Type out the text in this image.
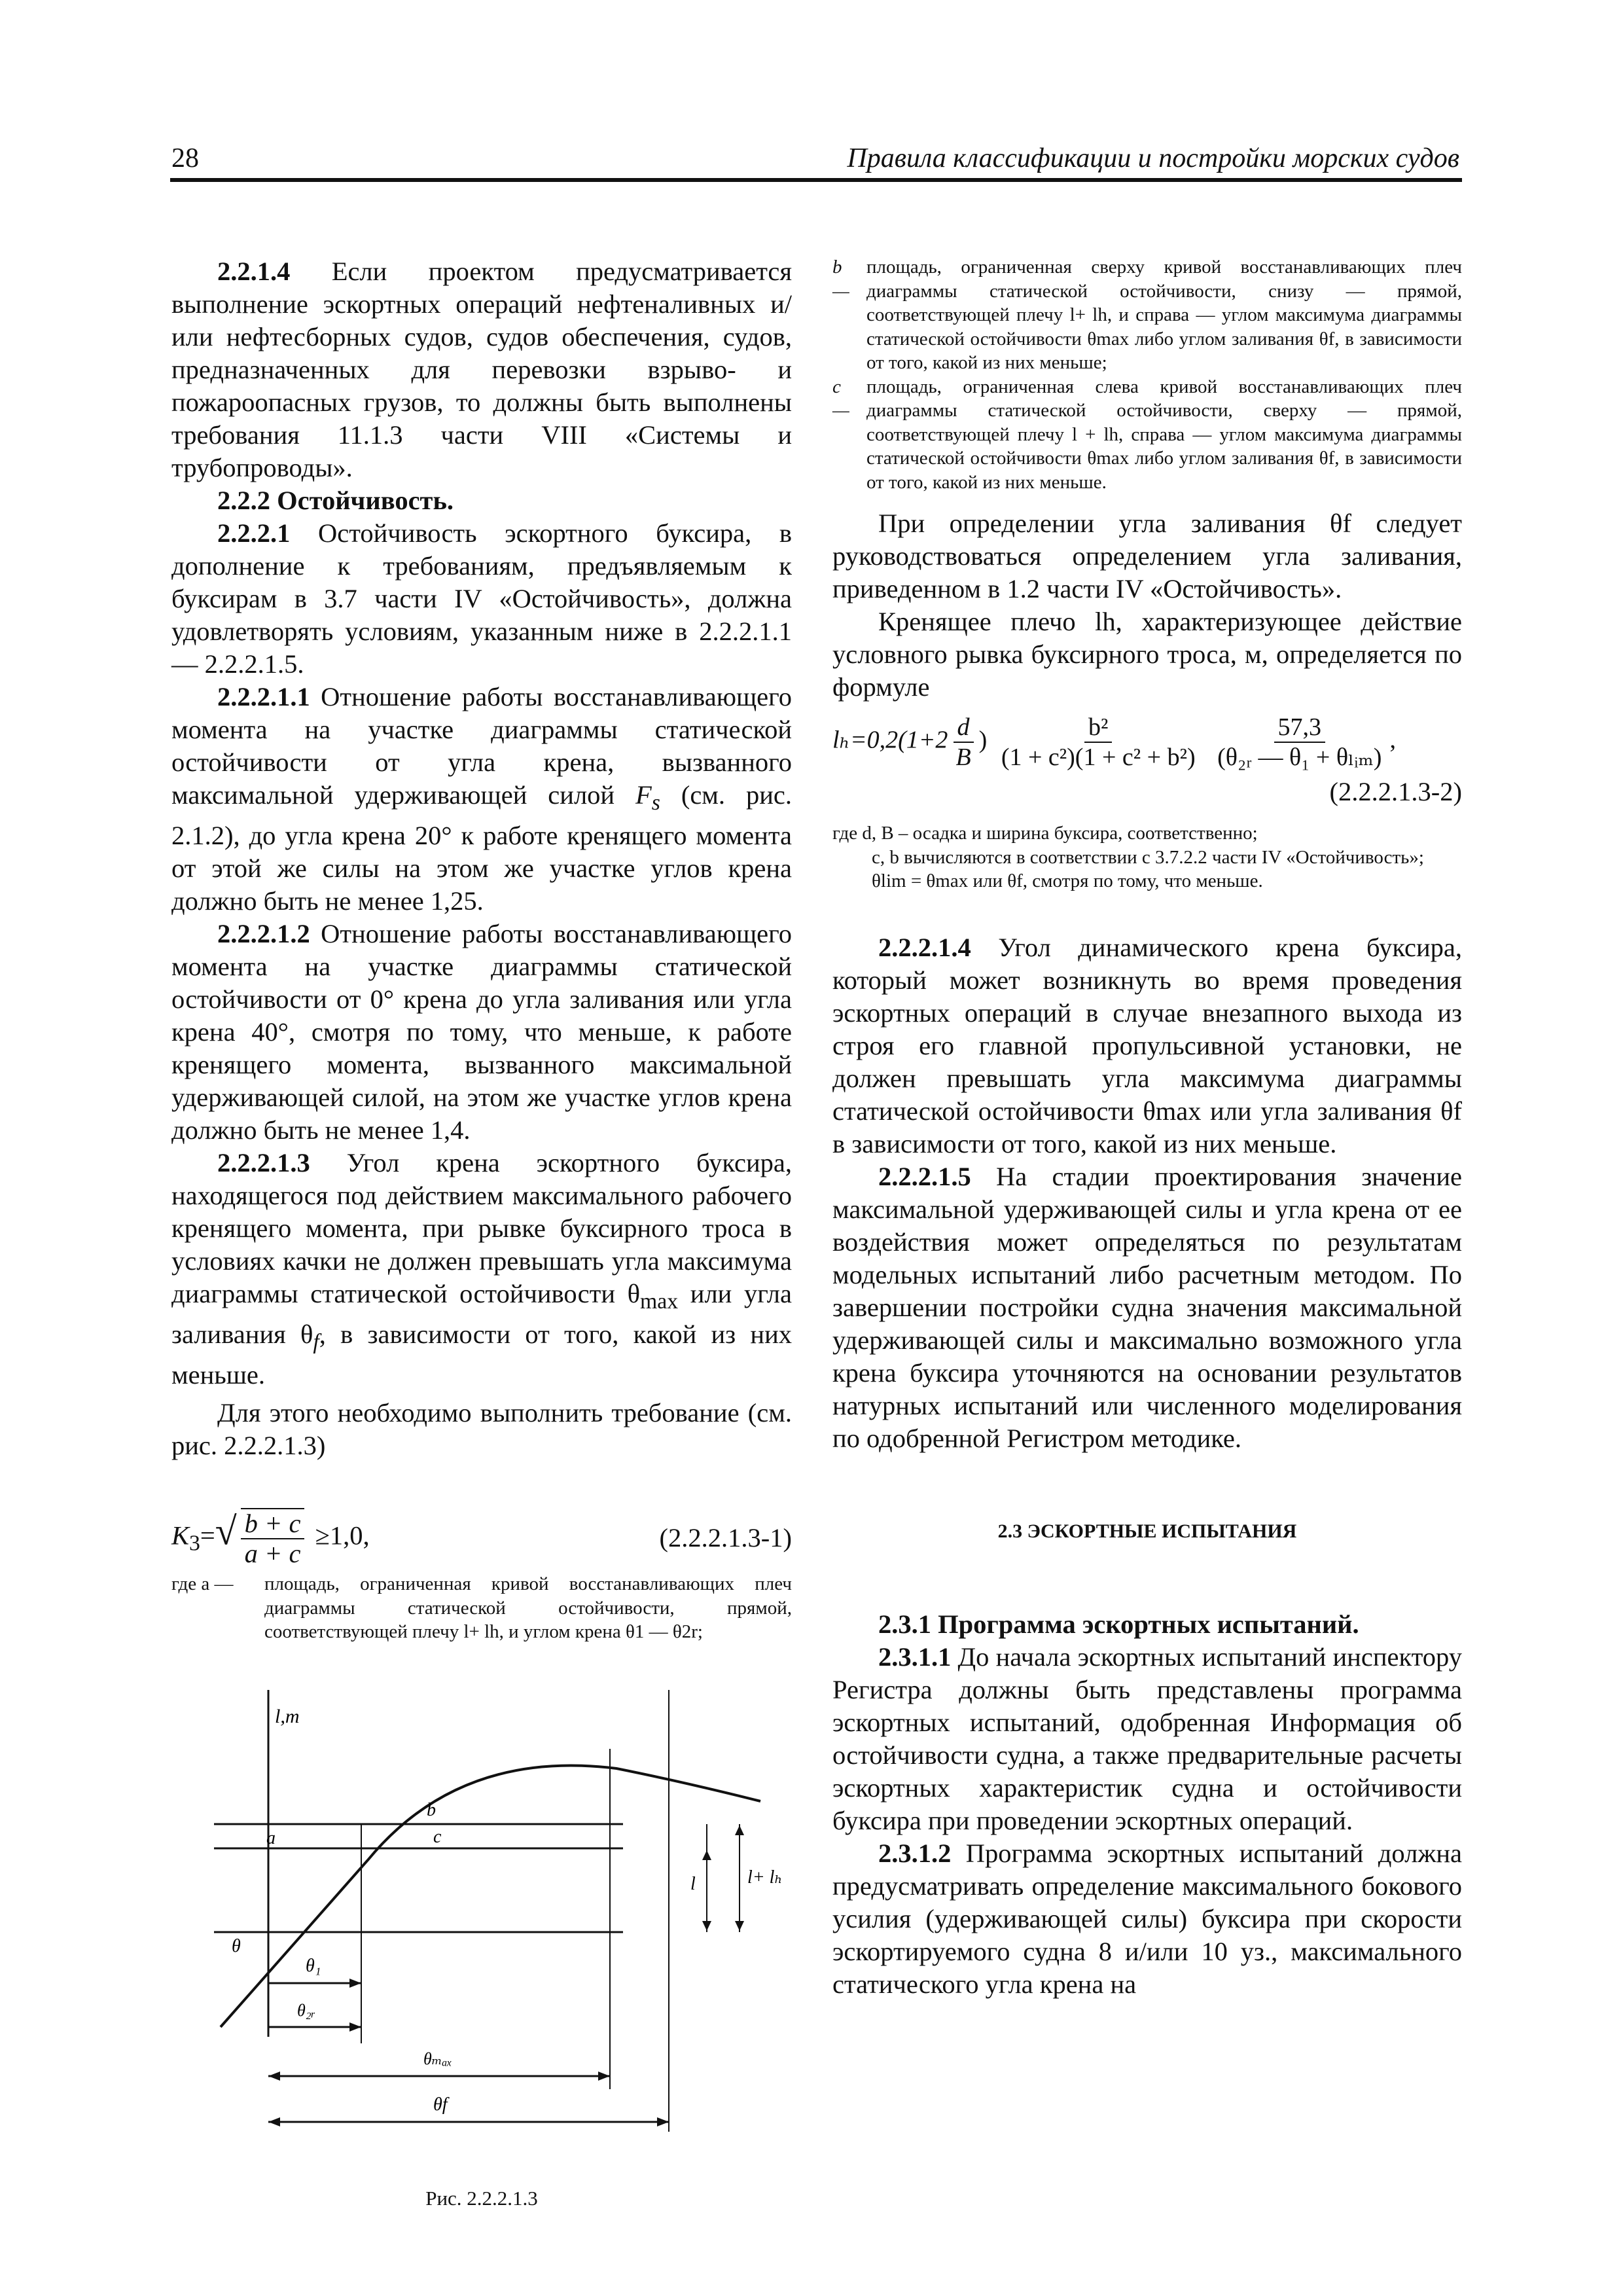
28	Правила классификации и постройки морских судов

2.2.1.4 Если проектом предусматривается выполнение эскортных операций нефтеналивных и/или нефтесборных судов, судов обеспечения, судов, предназначенных для перевозки взрыво- и пожароопасных грузов, то должны быть выполнены требования 11.1.3 части VIII «Системы и трубопроводы».

2.2.2 Остойчивость.

2.2.2.1 Остойчивость эскортного буксира, в дополнение к требованиям, предъявляемым к буксирам в 3.7 части IV «Остойчивость», должна удовлетворять условиям, указанным ниже в 2.2.2.1.1 — 2.2.2.1.5.

2.2.2.1.1 Отношение работы восстанавливающего момента на участке диаграммы статической остойчивости от угла крена, вызванного максимальной удерживающей силой $F_s$ (см. рис. 2.1.2), до угла крена 20° к работе кренящего момента от этой же силы на этом же участке углов крена должно быть не менее 1,25.

2.2.2.1.2 Отношение работы восстанавливающего момента на участке диаграммы статической остойчивости от 0° крена до угла заливания или угла крена 40°, смотря по тому, что меньше, к работе кренящего момента, вызванного максимальной удерживающей силой, на этом же участке углов крена должно быть не менее 1,4.

2.2.2.1.3 Угол крена эскортного буксира, находящегося под действием максимального рабочего кренящего момента, при рывке буксирного троса в условиях качки не должен превышать угла максимума диаграммы статической остойчивости $\theta_{max}$ или угла заливания $\theta_f$, в зависимости от того, какой из них меньше.

Для этого необходимо выполнить требование (см. рис. 2.2.2.1.3)

$K_3=√ \frac{b + c}{a + c} \ge 1,0$,	(2.2.2.1.3-1)
где a —	площадь, ограниченная кривой восстанавливающих плеч диаграммы статической остойчивости, прямой, соответствующей плечу l+ lh, и углом крена θ1 — θ2r;
l,m
b
a	c
θ
θ₁
θ₂ᵣ
θₘₐₓ
θf
l	l+ lₕ
Рис. 2.2.2.1.3
b —
площадь, ограниченная сверху кривой восстанавливающих плеч диаграммы статической остойчивости, снизу — прямой, соответствующей плечу l+ lh, и справа — углом максимума диаграммы статической остойчивости θmax либо углом заливания θf, в зависимости от того, какой из них меньше;
c —
площадь, ограниченная слева кривой восстанавливающих плеч диаграммы статической остойчивости, сверху — прямой, соответствующей плечу l + lh, справа — углом максимума диаграммы статической остойчивости θmax либо углом заливания θf, в зависимости от того, какой из них меньше.

При определении угла заливания θf следует руководствоваться определением угла заливания, приведенном в 1.2 части IV «Остойчивость».

Кренящее плечо lh, характеризующее действие условного рывка буксирного троса, м, определяется по формуле

$l_h=0,2(1+2 \frac{d}{B}$ ) $\frac{\text{b²}}{\text{(1 + c²)(1 + c² + b²)}}$
$\frac{57,3}{\text{(θ₂ᵣ — θ₁ + θₗᵢₘ)}}$ ,
(2.2.2.1.3-2)
где d, B – осадка и ширина буксира, соответственно;
c, b вычисляются в соответствии с 3.7.2.2 части IV «Остойчивость»;
θlim = θmax или θf, смотря по тому, что меньше.

2.2.2.1.4 Угол динамического крена буксира, который может возникнуть во время проведения эскортных операций в случае внезапного выхода из строя его главной пропульсивной установки, не должен превышать угла максимума диаграммы статической остойчивости θmax или угла заливания θf в зависимости от того, какой из них меньше.

2.2.2.1.5 На стадии проектирования значение максимальной удерживающей силы и угла крена от ее воздействия может определяться по результатам модельных испытаний либо расчетным методом. По завершении постройки судна значения максимальной удерживающей силы и максимально возможного угла крена буксира уточняются на основании результатов натурных испытаний или численного моделирования по одобренной Регистром методике.

2.3 ЭСКОРТНЫЕ ИСПЫТАНИЯ

2.3.1 Программа эскортных испытаний.

2.3.1.1 До начала эскортных испытаний инспектору Регистра должны быть представлены программа эскортных испытаний, одобренная Информация об остойчивости судна, а также предварительные расчеты эскортных характеристик судна и остойчивости буксира при проведении эскортных операций.

2.3.1.2 Программа эскортных испытаний должна предусматривать определение максимального бокового усилия (удерживающей силы) буксира при скорости эскортируемого судна 8 и/или 10 уз., максимального статического угла крена на
